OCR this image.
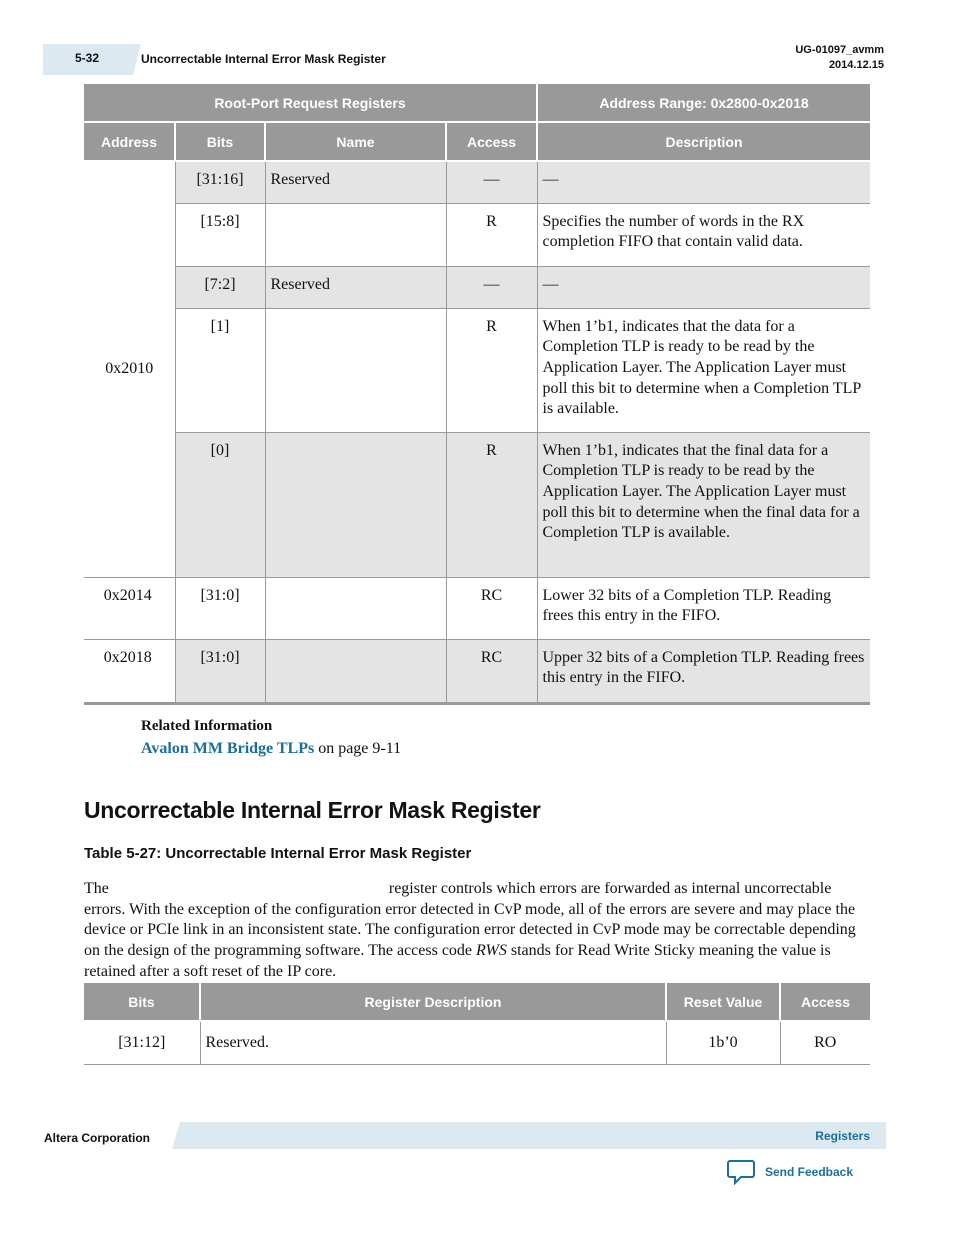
5-32	Uncorrectable Internal Error Mask Register
UG-01097_avmm
2014.12.15
Root-Port Request Registers				Address Range: 0x2800-0x2018
Address	Bits	Name	Access	Description
0x2010	[31:16]	Reserved	—	—
	[15:8]		R	Specifies the number of words in the RX completion FIFO that contain valid data.
	[7:2]	Reserved	—	—
	[1]		R	When 1’b1, indicates that the data for a Completion TLP is ready to be read by the Application Layer. The Application Layer must poll this bit to determine when a Completion TLP is available.
	[0]		R	When 1’b1, indicates that the final data for a Completion TLP is ready to be read by the Application Layer. The Application Layer must poll this bit to determine when the final data for a Completion TLP is available.
0x2014	[31:0]		RC	Lower 32 bits of a Completion TLP. Reading frees this entry in the FIFO.
0x2018	[31:0]		RC	Upper 32 bits of a Completion TLP. Reading frees this entry in the FIFO.
Related Information
Avalon MM Bridge TLPs on page 9-11
Uncorrectable Internal Error Mask Register
Table 5-27: Uncorrectable Internal Error Mask Register
The	register controls which errors are forwarded as internal uncorrectable errors. With the exception of the configuration error detected in CvP mode, all of the errors are severe and may place the device or PCIe link in an inconsistent state. The configuration error detected in CvP mode may be correctable depending on the design of the programming software. The access code RWS stands for Read Write Sticky meaning the value is retained after a soft reset of the IP core.
Bits	Register Description	Reset Value	Access
[31:12]	Reserved.	1b’0	RO
Altera Corporation	Registers
Send Feedback
